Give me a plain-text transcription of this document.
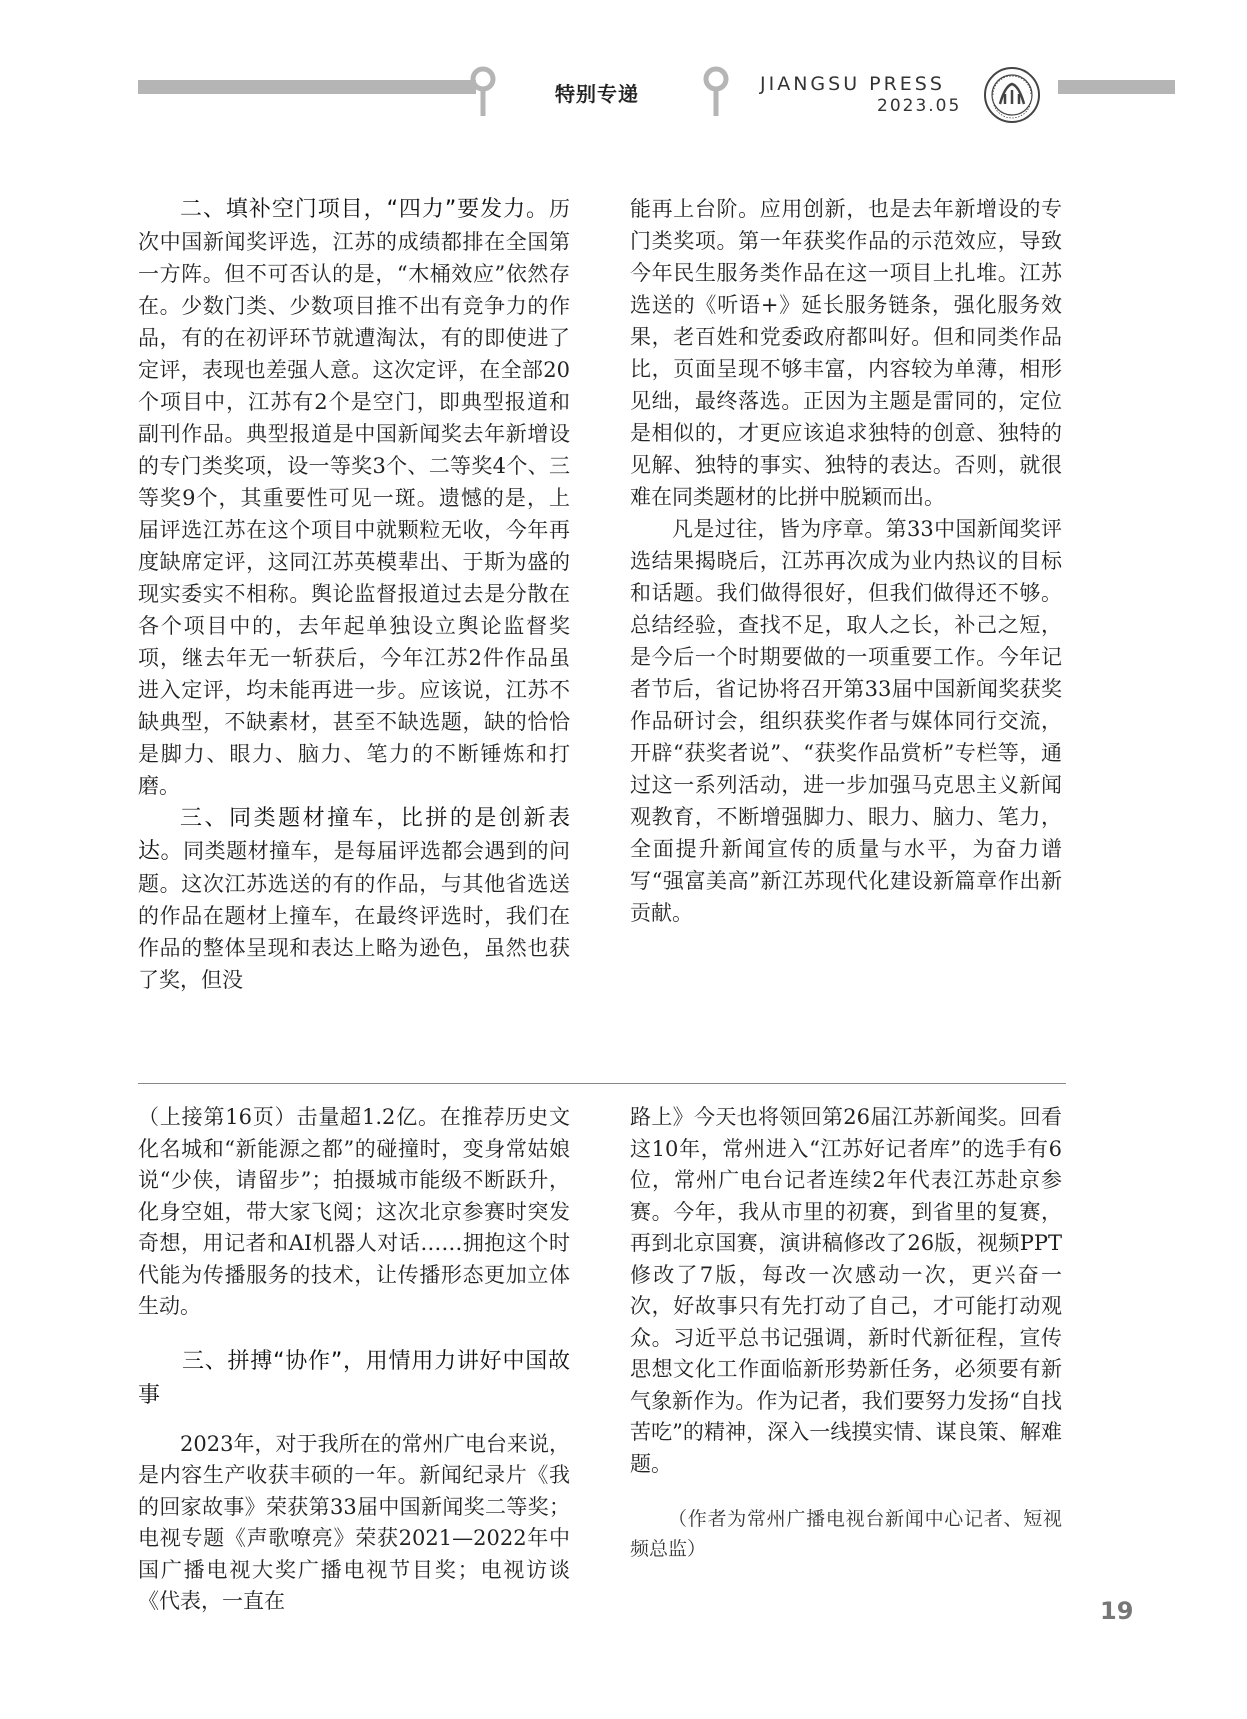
特别专递	JIANGSU PRESS
2023.05

二、填补空门项目，“四力”要发力。历次中国新闻奖评选，江苏的成绩都排在全国第一方阵。但不可否认的是，“木桶效应”依然存在。少数门类、少数项目推不出有竞争力的作品，有的在初评环节就遭淘汰，有的即使进了定评，表现也差强人意。这次定评，在全部20个项目中，江苏有2个是空门，即典型报道和副刊作品。典型报道是中国新闻奖去年新增设的专门类奖项，设一等奖3个、二等奖4个、三等奖9个，其重要性可见一斑。遗憾的是，上届评选江苏在这个项目中就颗粒无收，今年再度缺席定评，这同江苏英模辈出、于斯为盛的现实委实不相称。舆论监督报道过去是分散在各个项目中的，去年起单独设立舆论监督奖项，继去年无一斩获后，今年江苏2件作品虽进入定评，均未能再进一步。应该说，江苏不缺典型，不缺素材，甚至不缺选题，缺的恰恰是脚力、眼力、脑力、笔力的不断锤炼和打磨。

三、同类题材撞车，比拼的是创新表达。同类题材撞车，是每届评选都会遇到的问题。这次江苏选送的有的作品，与其他省选送的作品在题材上撞车，在最终评选时，我们在作品的整体呈现和表达上略为逊色，虽然也获了奖，但没

能再上台阶。应用创新，也是去年新增设的专门类奖项。第一年获奖作品的示范效应，导致今年民生服务类作品在这一项目上扎堆。江苏选送的《听语+》延长服务链条，强化服务效果，老百姓和党委政府都叫好。但和同类作品比，页面呈现不够丰富，内容较为单薄，相形见绌，最终落选。正因为主题是雷同的，定位是相似的，才更应该追求独特的创意、独特的见解、独特的事实、独特的表达。否则，就很难在同类题材的比拼中脱颖而出。

凡是过往，皆为序章。第33中国新闻奖评选结果揭晓后，江苏再次成为业内热议的目标和话题。我们做得很好，但我们做得还不够。总结经验，查找不足，取人之长，补己之短，是今后一个时期要做的一项重要工作。今年记者节后，省记协将召开第33届中国新闻奖获奖作品研讨会，组织获奖作者与媒体同行交流，开辟“获奖者说”、“获奖作品赏析”专栏等，通过这一系列活动，进一步加强马克思主义新闻观教育，不断增强脚力、眼力、脑力、笔力，全面提升新闻宣传的质量与水平，为奋力谱写“强富美高”新江苏现代化建设新篇章作出新贡献。

（上接第16页）击量超1.2亿。在推荐历史文化名城和“新能源之都”的碰撞时，变身常姑娘说“少侠，请留步”；拍摄城市能级不断跃升，化身空姐，带大家飞阅；这次北京参赛时突发奇想，用记者和AI机器人对话……拥抱这个时代能为传播服务的技术，让传播形态更加立体生动。

三、拼搏“协作”，用情用力讲好中国故事

2023年，对于我所在的常州广电台来说，是内容生产收获丰硕的一年。新闻纪录片《我的回家故事》荣获第33届中国新闻奖二等奖；电视专题《声歌嘹亮》荣获2021—2022年中国广播电视大奖广播电视节目奖；电视访谈《代表，一直在

路上》今天也将领回第26届江苏新闻奖。回看这10年，常州进入“江苏好记者库”的选手有6位，常州广电台记者连续2年代表江苏赴京参赛。今年，我从市里的初赛，到省里的复赛，再到北京国赛，演讲稿修改了26版，视频PPT修改了7版，每改一次感动一次，更兴奋一次，好故事只有先打动了自己，才可能打动观众。习近平总书记强调，新时代新征程，宣传思想文化工作面临新形势新任务，必须要有新气象新作为。作为记者，我们要努力发扬“自找苦吃”的精神，深入一线摸实情、谋良策、解难题。

（作者为常州广播电视台新闻中心记者、短视频总监）

19
